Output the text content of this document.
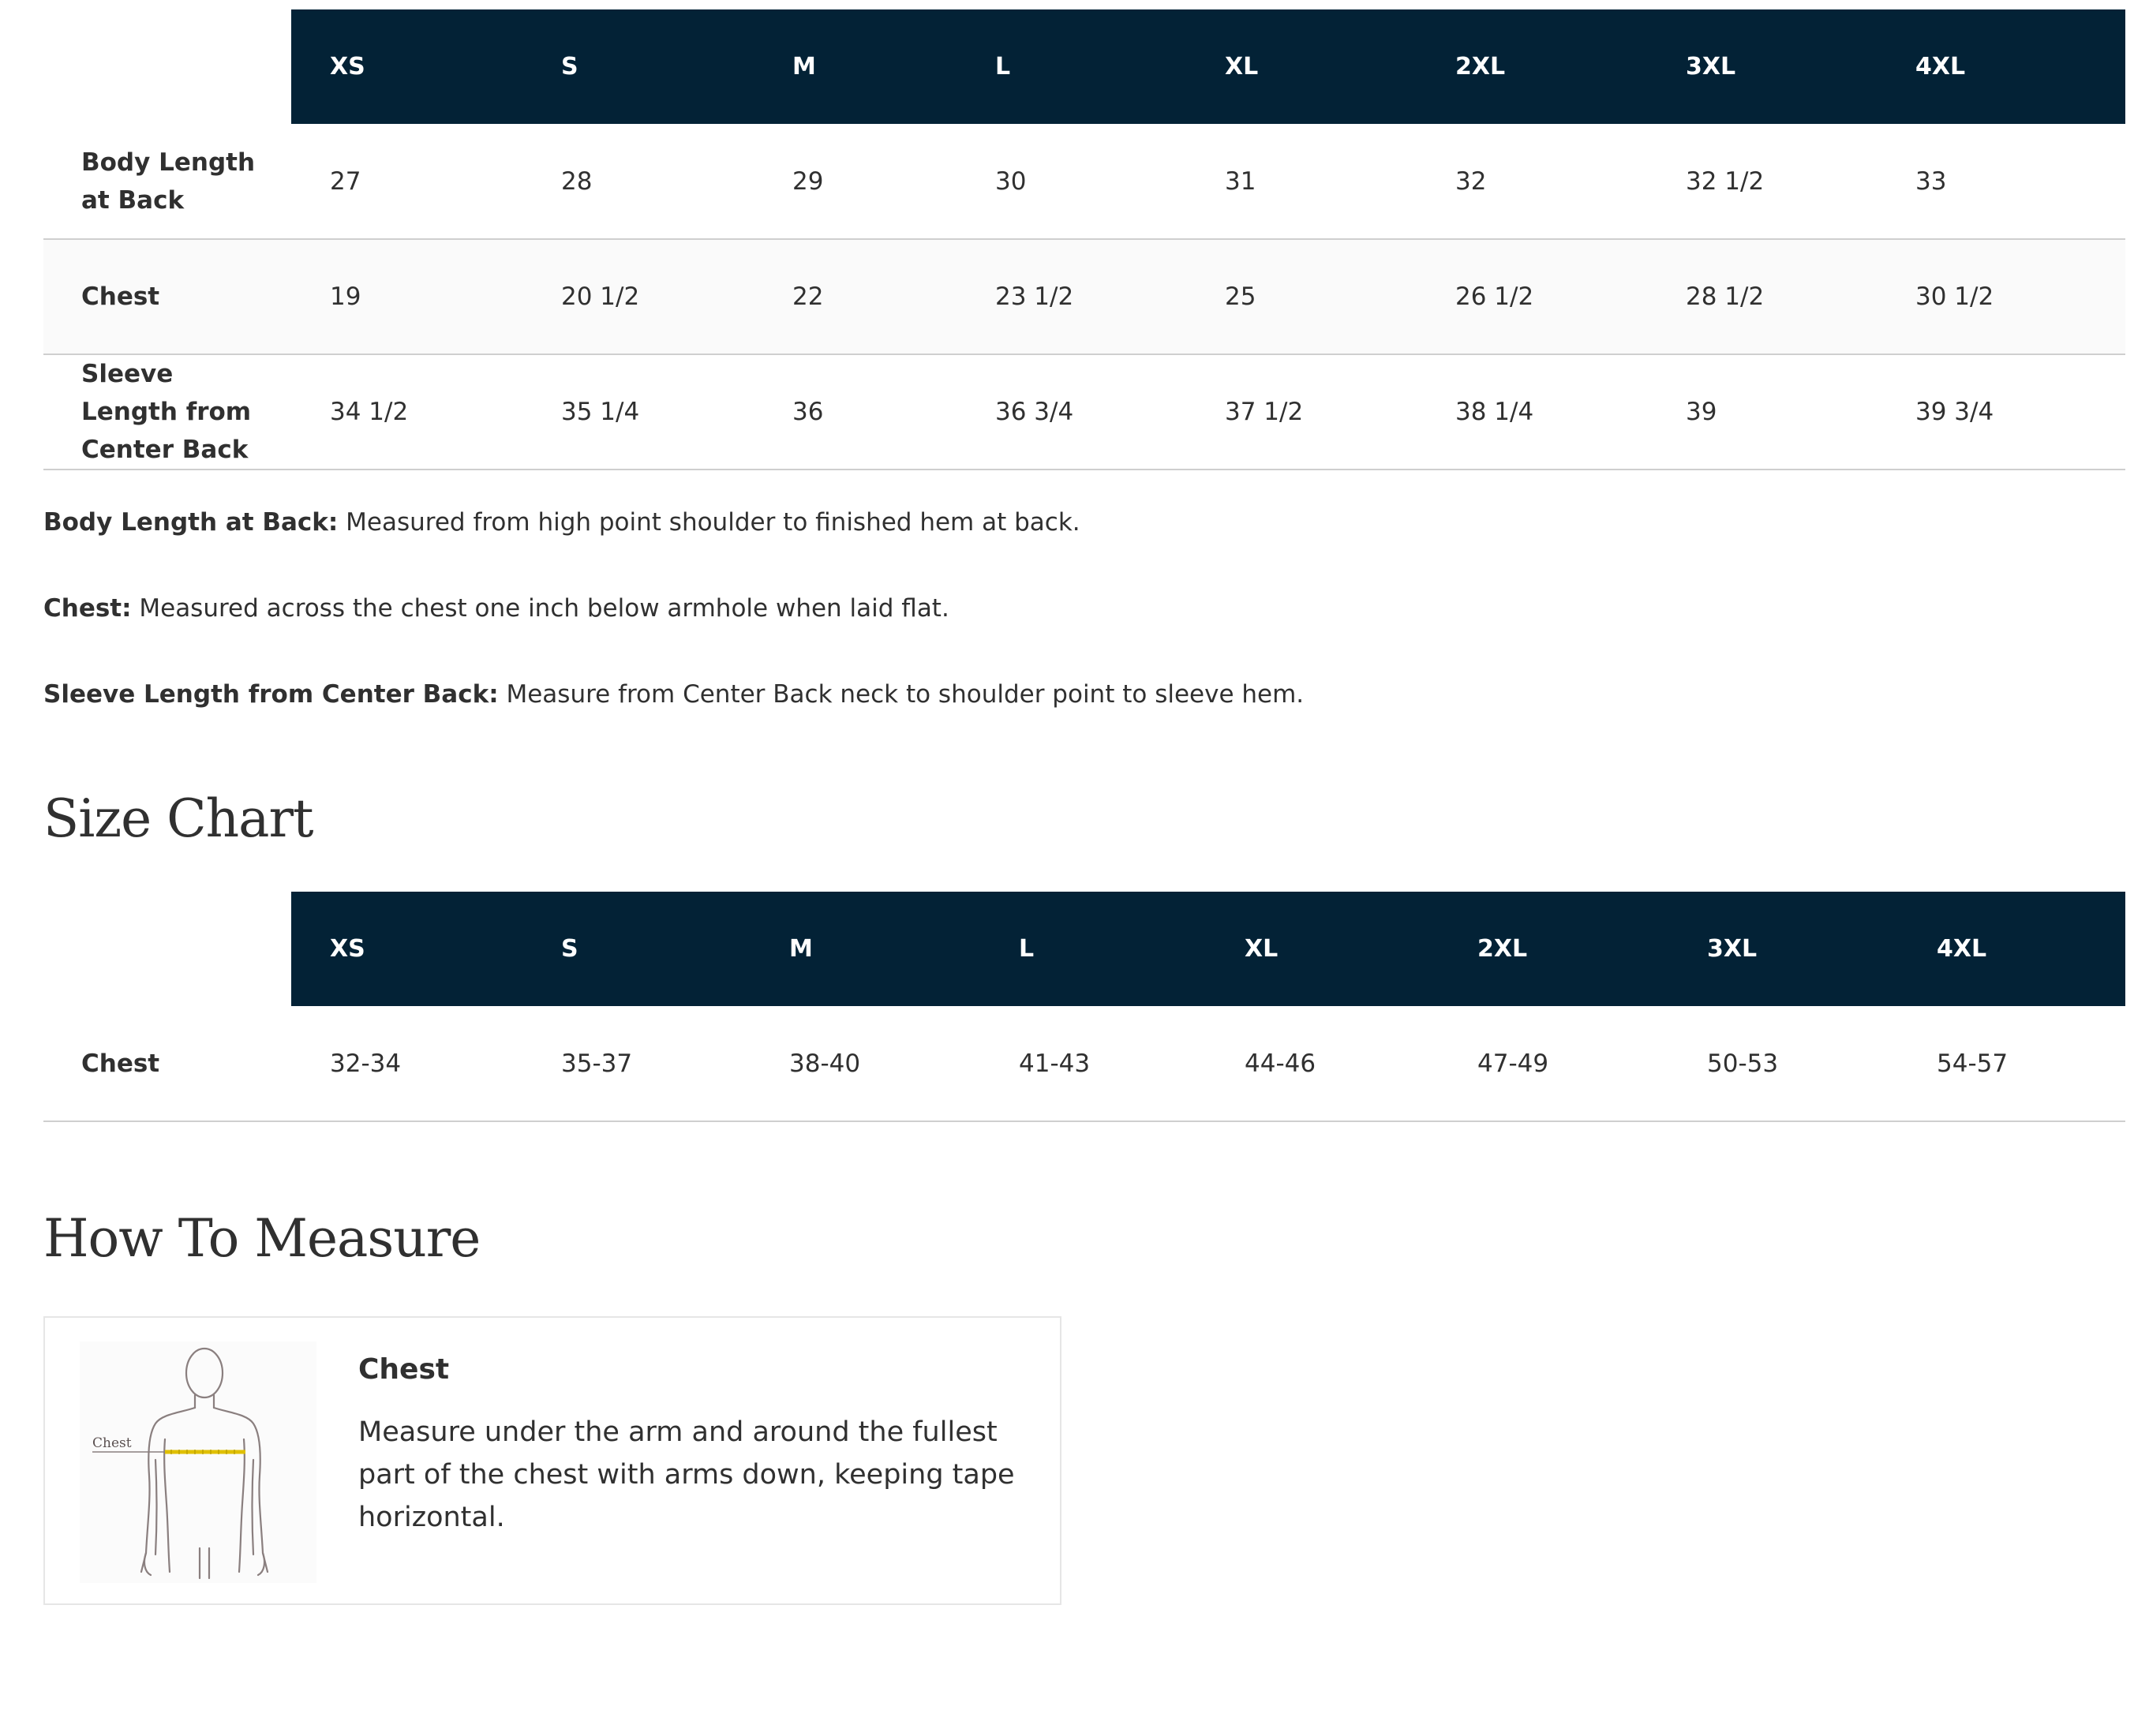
	XS	S	M	L	XL	2XL	3XL	4XL
Body Length at Back	27	28	29	30	31	32	32 1/2	33
Chest	19	20 1/2	22	23 1/2	25	26 1/2	28 1/2	30 1/2
Sleeve Length from Center Back	34 1/2	35 1/4	36	36 3/4	37 1/2	38 1/4	39	39 3/4

Body Length at Back: Measured from high point shoulder to finished hem at back.

Chest: Measured across the chest one inch below armhole when laid flat.

Sleeve Length from Center Back: Measure from Center Back neck to shoulder point to sleeve hem.

Size Chart
	XS	S	M	L	XL	2XL	3XL	4XL
Chest	32-34	35-37	38-40	41-43	44-46	47-49	50-53	54-57
How To Measure
Chest

Chest

Measure under the arm and around the fullest part of the chest with arms down, keeping tape horizontal.
